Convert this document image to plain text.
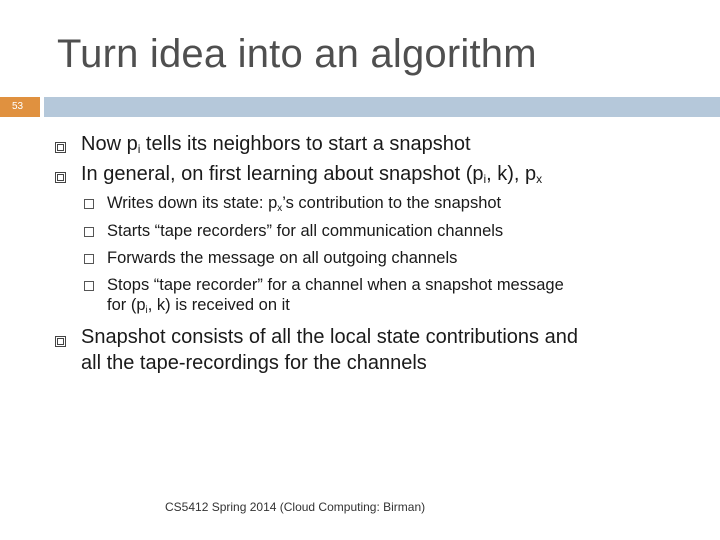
Turn idea into an algorithm
53
Now $p_i$ tells its neighbors to start a snapshot
In general, on first learning about snapshot ($p_i$, k), $p_x$
Writes down its state: $p_x’s$ contribution to the snapshot
Starts “tape recorders” for all communication channels
Forwards the message on all outgoing channels
Stops “tape recorder” for a channel when a snapshot message
for ($p_i$, k) is received on it
Snapshot consists of all the local state contributions and
all the tape-recordings for the channels
CS5412 Spring 2014 (Cloud Computing: Birman)
